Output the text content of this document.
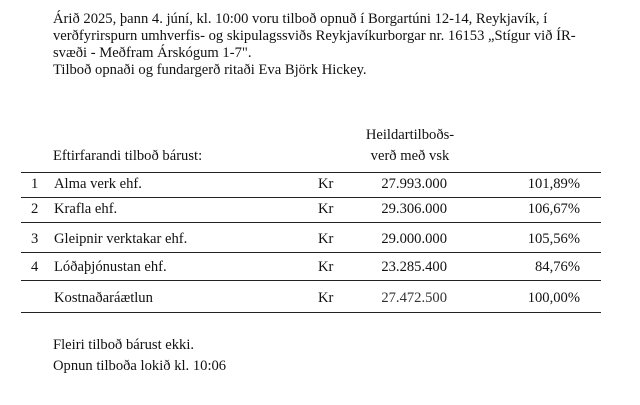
Árið 2025, þann 4. júní, kl. 10:00 voru tilboð opnuð í Borgartúni 12-14, Reykjavík, í

verðfyrirspurn umhverfis- og skipulagssviðs Reykjavíkurborgar nr. 16153 „Stígur við ÍR-

svæði - Meðfram Árskógum 1-7".

Tilboð opnaði og fundargerð ritaði Eva Björk Hickey.

Heildartilboðs-
verð með vsk
Eftirfarandi tilboð bárust:
1 Alma verk ehf.	Kr	27.993.000	101,89%
2 Krafla ehf.	Kr	29.306.000	106,67%
3 Gleipnir verktakar ehf.	Kr	29.000.000	105,56%
4 Lóðaþjónustan ehf.	Kr	23.285.400	84,76%
Kostnaðaráætlun	Kr	27.472.500	100,00%

Fleiri tilboð bárust ekki.

Opnun tilboða lokið kl. 10:06
